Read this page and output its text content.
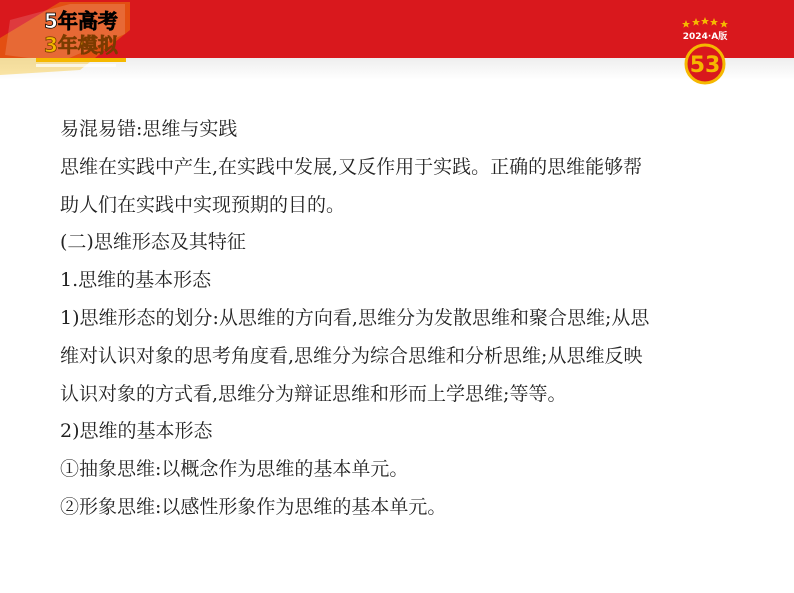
5年高考
3年模拟	2024·A版
53
易混易错:思维与实践
思维在实践中产生,在实践中发展,又反作用于实践。正确的思维能够帮
助人们在实践中实现预期的目的。
(二)思维形态及其特征
1.思维的基本形态
1)思维形态的划分:从思维的方向看,思维分为发散思维和聚合思维;从思
维对认识对象的思考角度看,思维分为综合思维和分析思维;从思维反映
认识对象的方式看,思维分为辩证思维和形而上学思维;等等。
2)思维的基本形态
①抽象思维:以概念作为思维的基本单元。
②形象思维:以感性形象作为思维的基本单元。
